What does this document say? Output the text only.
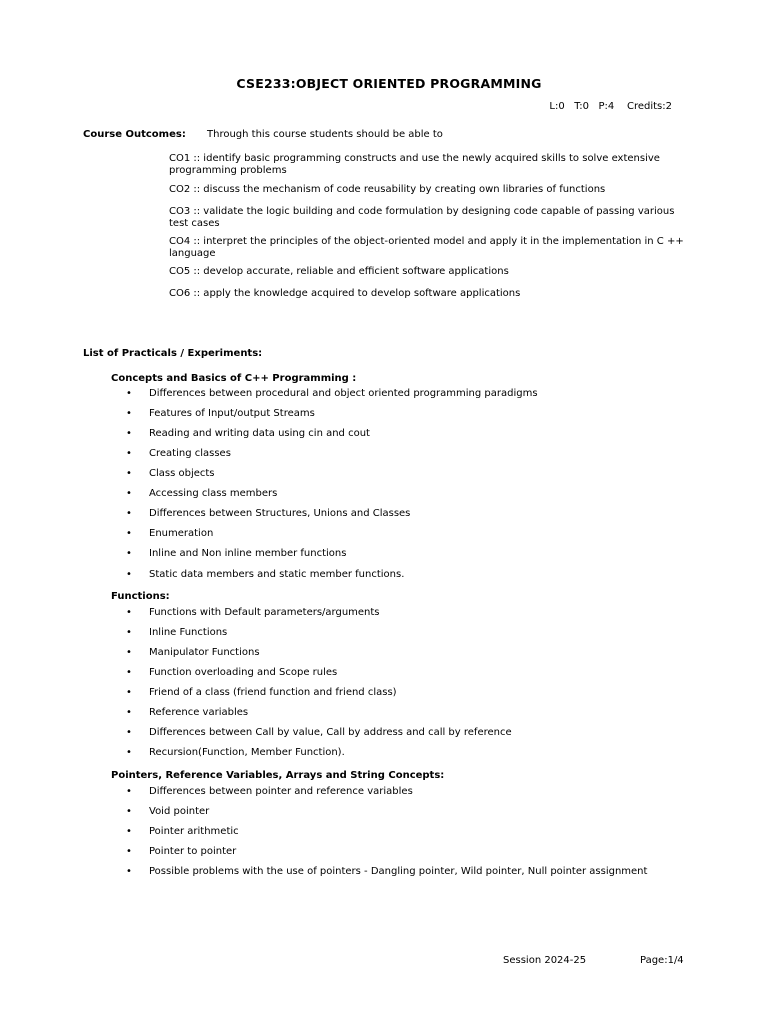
CSE233:OBJECT ORIENTED PROGRAMMING
L:0   T:0   P:4    Credits:2
Course Outcomes: Through this course students should be able to
CO1 :: identify basic programming constructs and use the newly acquired skills to solve extensive programming problems
CO2 :: discuss the mechanism of code reusability by creating own libraries of functions
CO3 :: validate the logic building and code formulation by designing code capable of passing various test cases
CO4 :: interpret the principles of the object-oriented model and apply it in the implementation in C ++ language
CO5 :: develop accurate, reliable and efficient software applications
CO6 :: apply the knowledge acquired to develop software applications
List of Practicals / Experiments:
Concepts and Basics of C++ Programming :
• Differences between procedural and object oriented programming paradigms
• Features of Input/output Streams
• Reading and writing data using cin and cout
• Creating classes
• Class objects
• Accessing class members
• Differences between Structures, Unions and Classes
• Enumeration
• Inline and Non inline member functions
• Static data members and static member functions.
Functions:
• Functions with Default parameters/arguments
• Inline Functions
• Manipulator Functions
• Function overloading and Scope rules
• Friend of a class (friend function and friend class)
• Reference variables
• Differences between Call by value, Call by address and call by reference
• Recursion(Function, Member Function).
Pointers, Reference Variables, Arrays and String Concepts:
• Differences between pointer and reference variables
• Void pointer
• Pointer arithmetic
• Pointer to pointer
• Possible problems with the use of pointers - Dangling pointer, Wild pointer, Null pointer assignment
Session 2024-25	Page:1/4
